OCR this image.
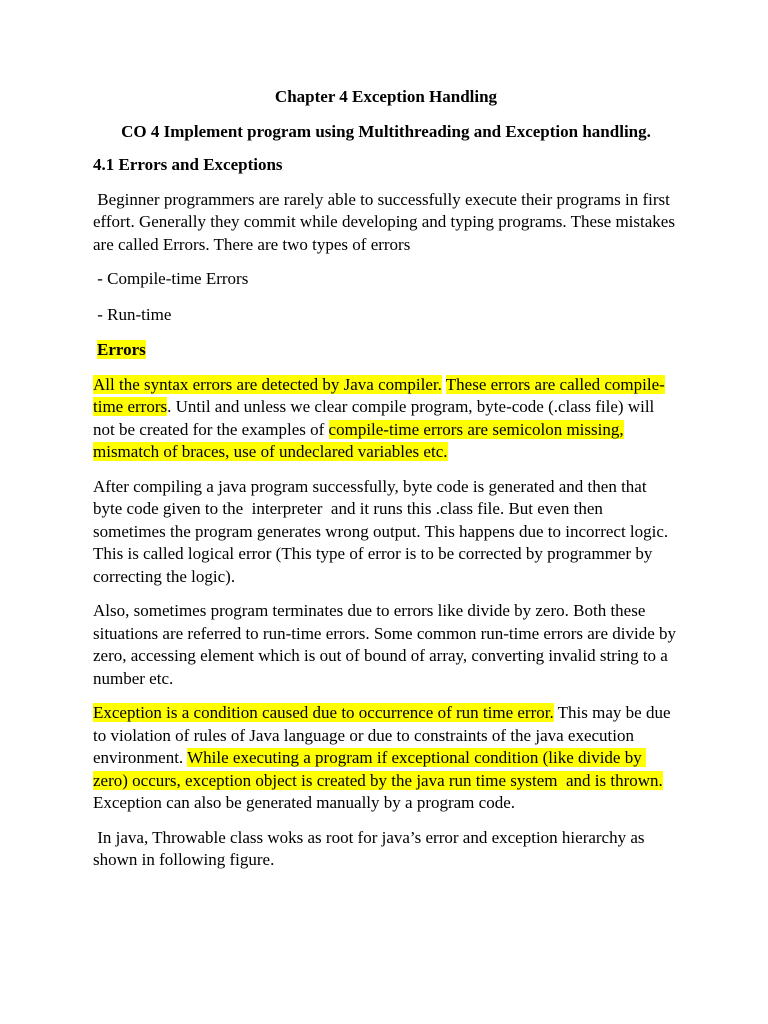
Chapter 4 Exception Handling

CO 4 Implement program using Multithreading and Exception handling.

4.1 Errors and Exceptions

Beginner programmers are rarely able to successfully execute their programs in first effort. Generally they commit while developing and typing programs. These mistakes are called Errors. There are two types of errors

- Compile-time Errors

- Run-time

Errors

All the syntax errors are detected by Java compiler. These errors are called compile-time errors. Until and unless we clear compile program, byte-code (.class file) will not be created for the examples of compile-time errors are semicolon missing, mismatch of braces, use of undeclared variables etc.

After compiling a java program successfully, byte code is generated and then that byte code given to the  interpreter  and it runs this .class file. But even then sometimes the program generates wrong output. This happens due to incorrect logic. This is called logical error (This type of error is to be corrected by programmer by correcting the logic).

Also, sometimes program terminates due to errors like divide by zero. Both these situations are referred to run-time errors. Some common run-time errors are divide by zero, accessing element which is out of bound of array, converting invalid string to a number etc.

Exception is a condition caused due to occurrence of run time error. This may be due to violation of rules of Java language or due to constraints of the java execution environment. While executing a program if exceptional condition (like divide by zero) occurs, exception object is created by the java run time system  and is thrown. Exception can also be generated manually by a program code.

In java, Throwable class woks as root for java’s error and exception hierarchy as shown in following figure.
